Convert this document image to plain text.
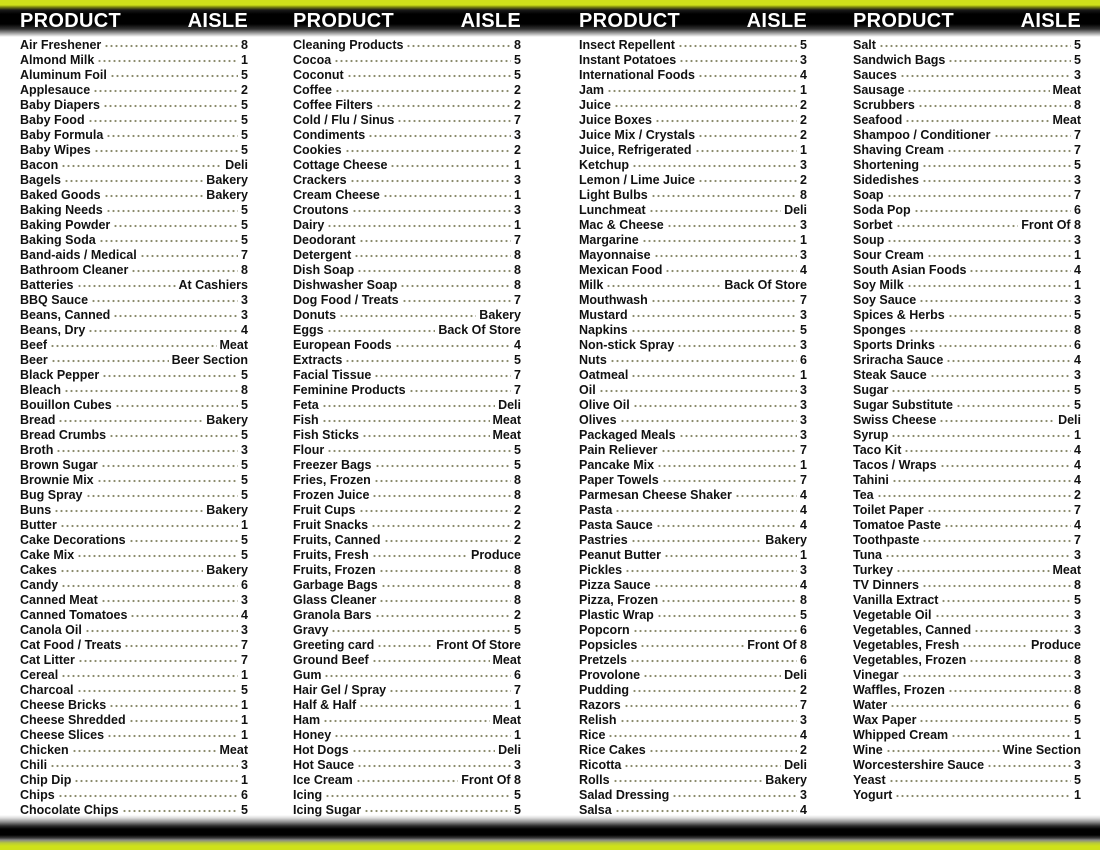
PRODUCT	AISLE
Air Freshener	8
Almond Milk	1
Aluminum Foil	5
Applesauce	2
Baby Diapers	5
Baby Food	5
Baby Formula	5
Baby Wipes	5
Bacon	Deli
Bagels	Bakery
Baked Goods	Bakery
Baking Needs	5
Baking Powder	5
Baking Soda	5
Band-aids / Medical	7
Bathroom Cleaner	8
Batteries	At Cashiers
BBQ Sauce	3
Beans, Canned	3
Beans, Dry	4
Beef	Meat
Beer	Beer Section
Black Pepper	5
Bleach	8
Bouillon Cubes	5
Bread	Bakery
Bread Crumbs	5
Broth	3
Brown Sugar	5
Brownie Mix	5
Bug Spray	5
Buns	Bakery
Butter	1
Cake Decorations	5
Cake Mix	5
Cakes	Bakery
Candy	6
Canned Meat	3
Canned Tomatoes	4
Canola Oil	3
Cat Food / Treats	7
Cat Litter	7
Cereal	1
Charcoal	5
Cheese Bricks	1
Cheese Shredded	1
Cheese Slices	1
Chicken	Meat
Chili	3
Chip Dip	1
Chips	6
Chocolate Chips	5
PRODUCT	AISLE
Cleaning Products	8
Cocoa	5
Coconut	5
Coffee	2
Coffee Filters	2
Cold / Flu / Sinus	7
Condiments	3
Cookies	2
Cottage Cheese	1
Crackers	3
Cream Cheese	1
Croutons	3
Dairy	1
Deodorant	7
Detergent	8
Dish Soap	8
Dishwasher Soap	8
Dog Food / Treats	7
Donuts	Bakery
Eggs	Back Of Store
European Foods	4
Extracts	5
Facial Tissue	7
Feminine Products	7
Feta	Deli
Fish	Meat
Fish Sticks	Meat
Flour	5
Freezer Bags	5
Fries, Frozen	8
Frozen Juice	8
Fruit Cups	2
Fruit Snacks	2
Fruits, Canned	2
Fruits, Fresh	Produce
Fruits, Frozen	8
Garbage Bags	8
Glass Cleaner	8
Granola Bars	2
Gravy	5
Greeting card	Front Of Store
Ground Beef	Meat
Gum	6
Hair Gel / Spray	7
Half & Half	1
Ham	Meat
Honey	1
Hot Dogs	Deli
Hot Sauce	3
Ice Cream	Front Of 8
Icing	5
Icing Sugar	5
PRODUCT	AISLE
Insect Repellent	5
Instant Potatoes	3
International Foods	4
Jam	1
Juice	2
Juice Boxes	2
Juice Mix / Crystals	2
Juice, Refrigerated	1
Ketchup	3
Lemon / Lime Juice	2
Light Bulbs	8
Lunchmeat	Deli
Mac & Cheese	3
Margarine	1
Mayonnaise	3
Mexican Food	4
Milk	Back Of Store
Mouthwash	7
Mustard	3
Napkins	5
Non-stick Spray	3
Nuts	6
Oatmeal	1
Oil	3
Olive Oil	3
Olives	3
Packaged Meals	3
Pain Reliever	7
Pancake Mix	1
Paper Towels	7
Parmesan Cheese Shaker	4
Pasta	4
Pasta Sauce	4
Pastries	Bakery
Peanut Butter	1
Pickles	3
Pizza Sauce	4
Pizza, Frozen	8
Plastic Wrap	5
Popcorn	6
Popsicles	Front Of 8
Pretzels	6
Provolone	Deli
Pudding	2
Razors	7
Relish	3
Rice	4
Rice Cakes	2
Ricotta	Deli
Rolls	Bakery
Salad Dressing	3
Salsa	4
PRODUCT	AISLE
Salt	5
Sandwich Bags	5
Sauces	3
Sausage	Meat
Scrubbers	8
Seafood	Meat
Shampoo / Conditioner	7
Shaving Cream	7
Shortening	5
Sidedishes	3
Soap	7
Soda Pop	6
Sorbet	Front Of 8
Soup	3
Sour Cream	1
South Asian Foods	4
Soy Milk	1
Soy Sauce	3
Spices & Herbs	5
Sponges	8
Sports Drinks	6
Sriracha Sauce	4
Steak Sauce	3
Sugar	5
Sugar Substitute	5
Swiss Cheese	Deli
Syrup	1
Taco Kit	4
Tacos / Wraps	4
Tahini	4
Tea	2
Toilet Paper	7
Tomatoe Paste	4
Toothpaste	7
Tuna	3
Turkey	Meat
TV Dinners	8
Vanilla Extract	5
Vegetable Oil	3
Vegetables, Canned	3
Vegetables, Fresh	Produce
Vegetables, Frozen	8
Vinegar	3
Waffles, Frozen	8
Water	6
Wax Paper	5
Whipped Cream	1
Wine	Wine Section
Worcestershire Sauce	3
Yeast	5
Yogurt	1
